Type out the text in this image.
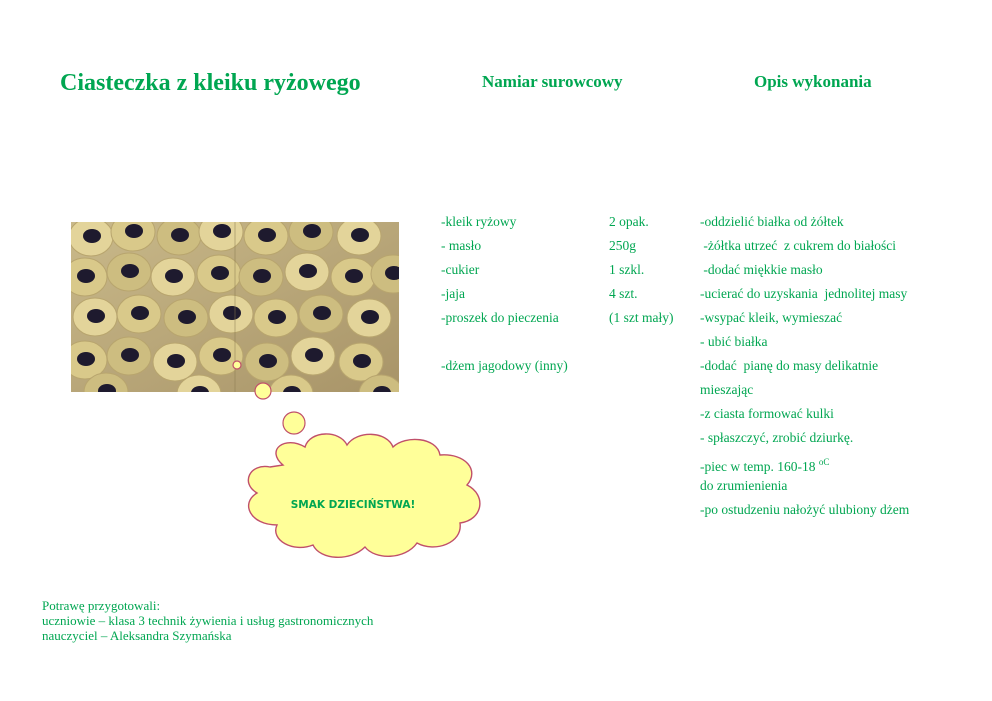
Ciasteczka z kleiku ryżowego	Namiar surowcowy	Opis wykonania
SMAK DZIECIŃSTWA!
-kleik ryżowy
- masło
-cukier
-jaja
-proszek do pieczenia
-dżem jagodowy (inny)
2 opak.
250g
1 szkl.
4 szt.
(1 szt mały)
-oddzielić białka od żółtek
-żółtka utrzeć  z cukrem do białości
-dodać miękkie masło
-ucierać do uzyskania  jednolitej masy
-wsypać kleik, wymieszać
- ubić białka
-dodać  pianę do masy delikatnie
mieszając
-z ciasta formować kulki
- spłaszczyć, zrobić dziurkę.
-piec w temp. 160-18 $^{oC}$
do zrumienienia
-po ostudzeniu nałożyć ulubiony dżem
Potrawę przygotowali:
uczniowie – klasa 3 technik żywienia i usług gastronomicznych
nauczyciel – Aleksandra Szymańska
